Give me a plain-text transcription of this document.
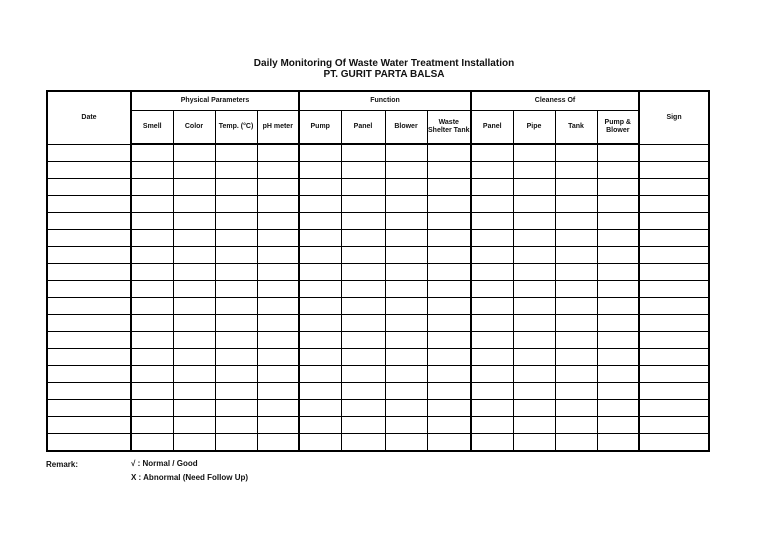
Daily Monitoring Of Waste Water Treatment Installation
PT. GURIT PARTA BALSA
Date	Physical Parameters				Function				Cleaness Of				Sign
	Smell	Color	Temp. (°C)	pH meter	Pump	Panel	Blower	Waste Shelter Tank	Panel	Pipe	Tank	Pump & Blower	

Remark:	√ : Normal / Good
X : Abnormal (Need Follow Up)
